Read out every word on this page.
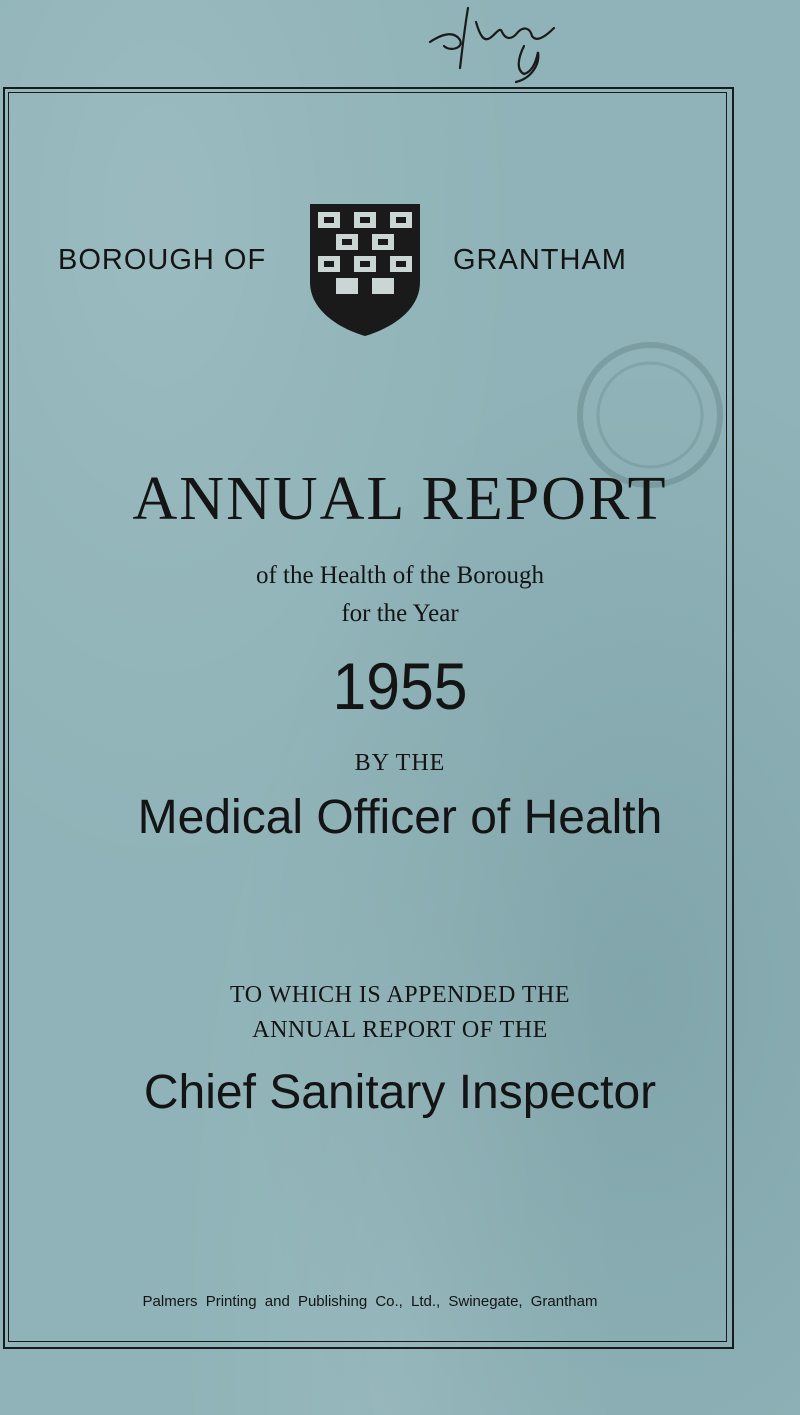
BOROUGH OF	GRANTHAM
ANNUAL REPORT
of the Health of the Borough
for the Year
1955
BY THE
Medical Officer of Health
TO WHICH IS APPENDED THE
ANNUAL REPORT OF THE
Chief Sanitary Inspector
Palmers Printing and Publishing Co., Ltd., Swinegate, Grantham
